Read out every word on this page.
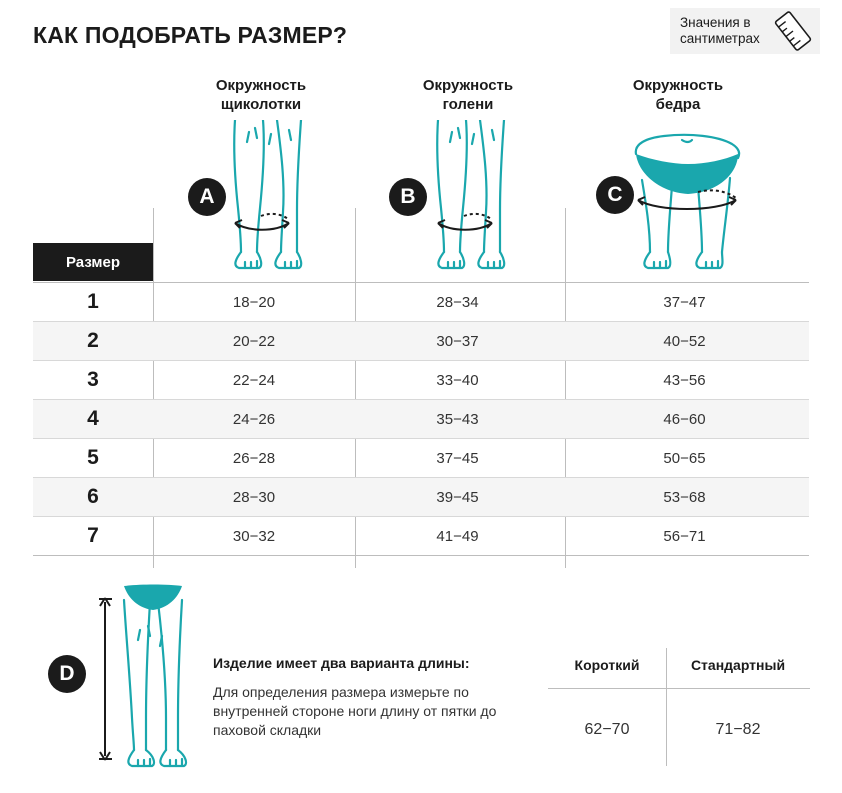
КАК ПОДОБРАТЬ РАЗМЕР?	Значения в сантиметрах
Окружность
щиколотки
Окружность
голени
Окружность
бедра
A	B	C
Размер
1	18−20	28−34	37−47
2	20−22	30−37	40−52
3	22−24	33−40	43−56
4	24−26	35−43	46−60
5	26−28	37−45	50−65
6	28−30	39−45	53−68
7	30−32	41−49	56−71
D	Изделие имеет два варианта длины:
Для определения размера измерьте по внутренней стороне ноги длину от пятки до паховой складки
Короткий	Стандартный
62−70	71−82
